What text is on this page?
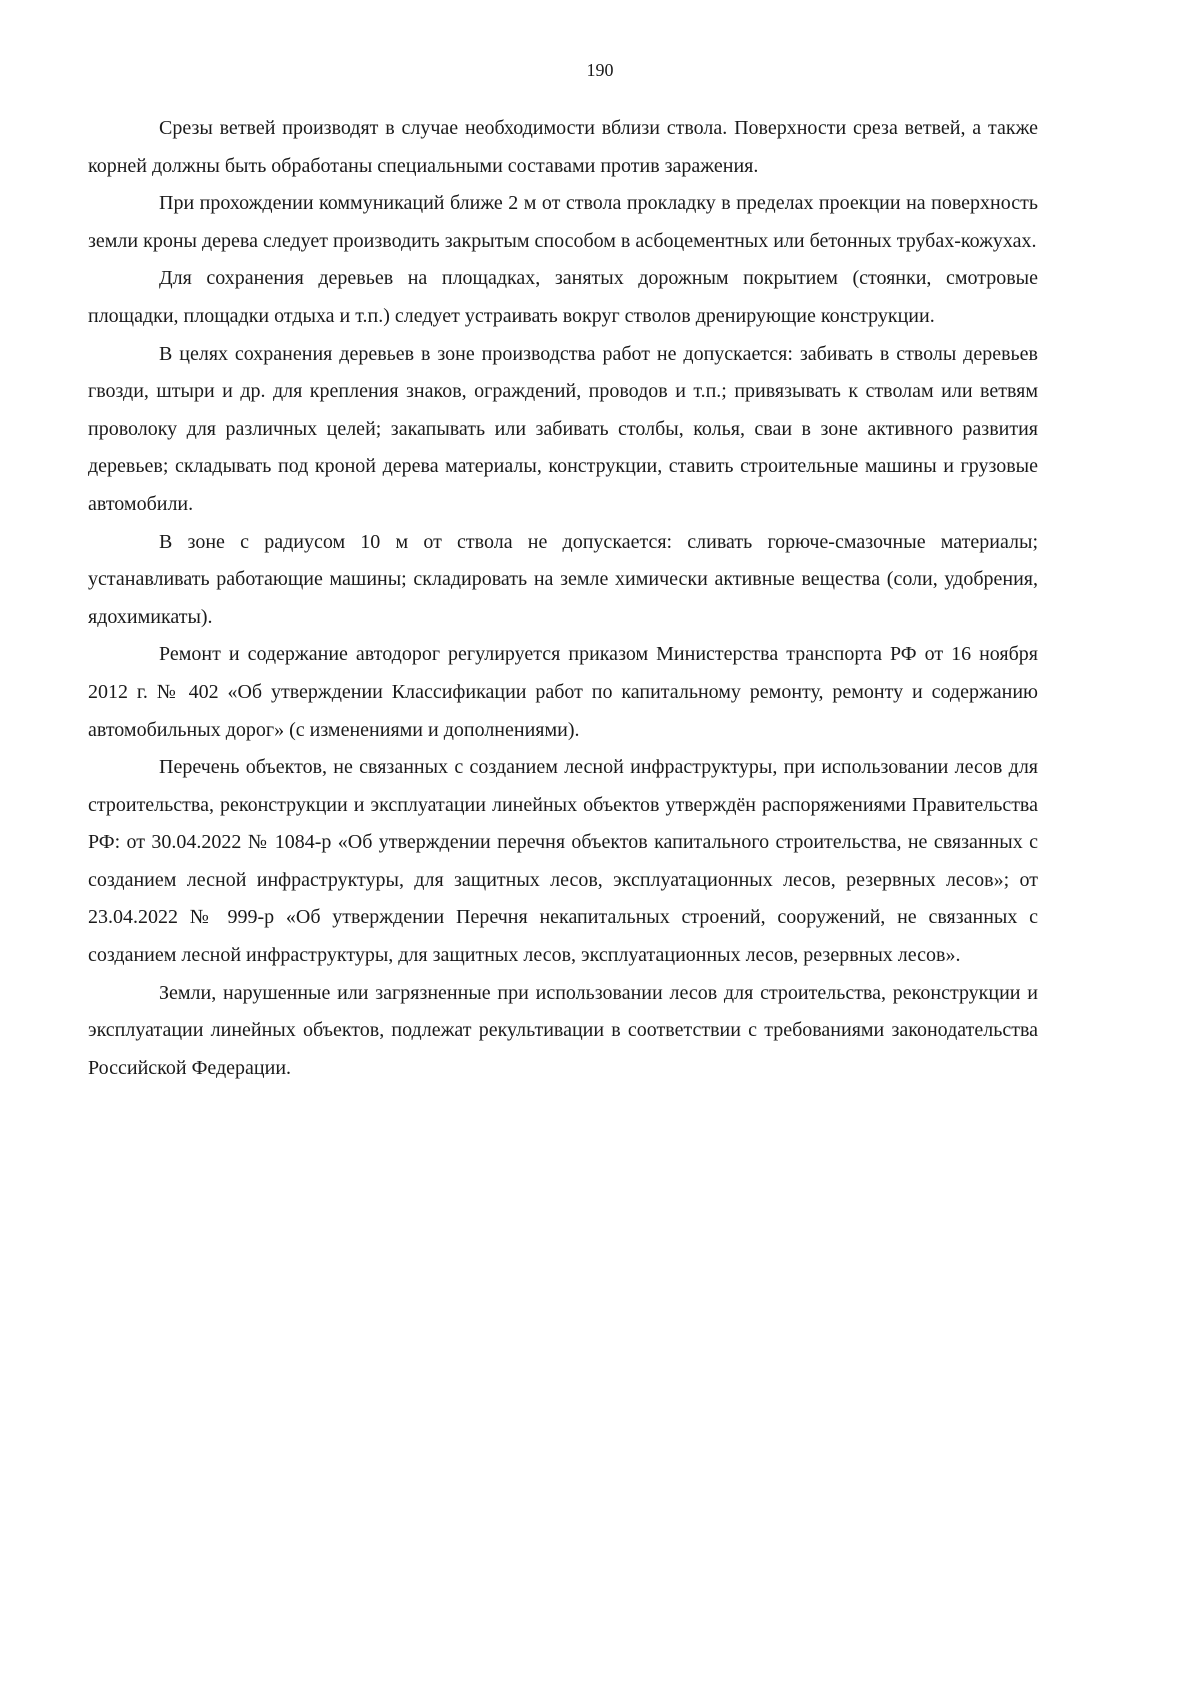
190

Срезы ветвей производят в случае необходимости вблизи ствола. Поверхности среза ветвей, а также корней должны быть обработаны специальными составами против заражения.

При прохождении коммуникаций ближе 2 м от ствола прокладку в пределах проекции на поверхность земли кроны дерева следует производить закрытым способом в асбоцементных или бетонных трубах-кожухах.

Для сохранения деревьев на площадках, занятых дорожным покрытием (стоянки, смотровые площадки, площадки отдыха и т.п.) следует устраивать вокруг стволов дренирующие конструкции.

В целях сохранения деревьев в зоне производства работ не допускается: забивать в стволы деревьев гвозди, штыри и др. для крепления знаков, ограждений, проводов и т.п.; привязывать к стволам или ветвям проволоку для различных целей; закапывать или забивать столбы, колья, сваи в зоне активного развития деревьев; складывать под кроной дерева материалы, конструкции, ставить строительные машины и грузовые автомобили.

В зоне с радиусом 10 м от ствола не допускается: сливать горюче-смазочные материалы; устанавливать работающие машины; складировать на земле химически активные вещества (соли, удобрения, ядохимикаты).

Ремонт и содержание автодорог регулируется приказом Министерства транспорта РФ от 16 ноября 2012 г. № 402 «Об утверждении Классификации работ по капитальному ремонту, ремонту и содержанию автомобильных дорог» (с изменениями и дополнениями).

Перечень объектов, не связанных с созданием лесной инфраструктуры, при использовании лесов для строительства, реконструкции и эксплуатации линейных объектов утверждён распоряжениями Правительства РФ: от 30.04.2022 № 1084-р «Об утверждении перечня объектов капитального строительства, не связанных с созданием лесной инфраструктуры, для защитных лесов, эксплуатационных лесов, резервных лесов»; от 23.04.2022 № 999-р «Об утверждении Перечня некапитальных строений, сооружений, не связанных с созданием лесной инфраструктуры, для защитных лесов, эксплуатационных лесов, резервных лесов».

Земли, нарушенные или загрязненные при использовании лесов для строительства, реконструкции и эксплуатации линейных объектов, подлежат рекультивации в соответствии с требованиями законодательства Российской Федерации.
